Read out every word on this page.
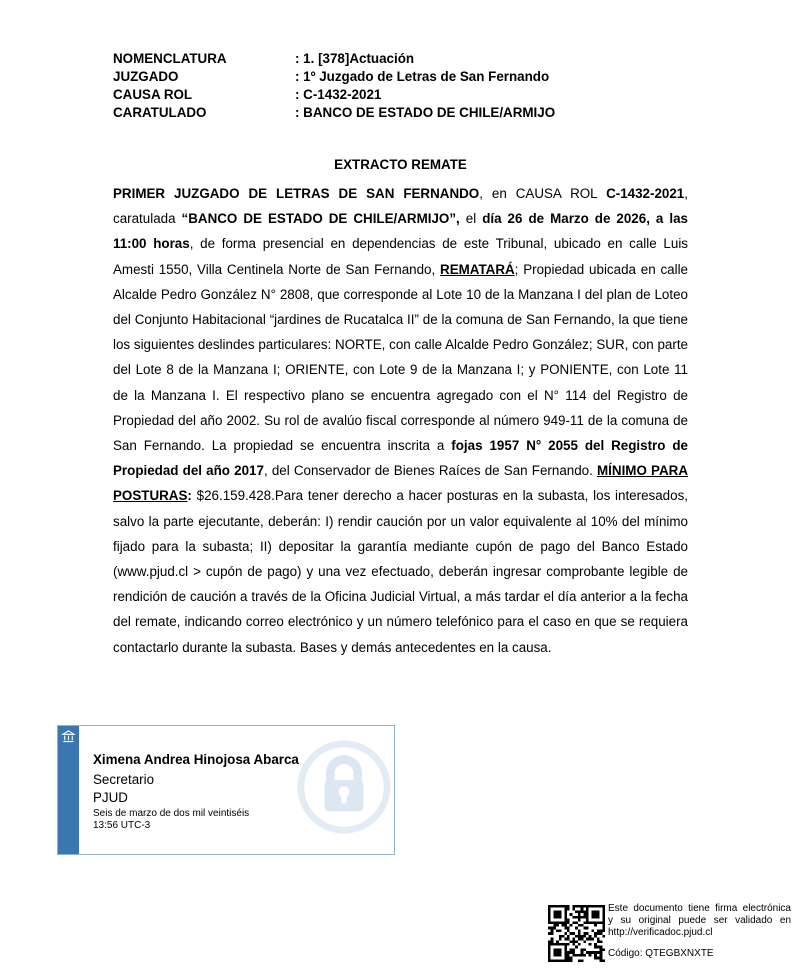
NOMENCLATURA	: 1. [378]Actuación
JUZGADO	: 1º Juzgado de Letras de San Fernando
CAUSA ROL	: C-1432-2021
CARATULADO	: BANCO DE ESTADO DE CHILE/ARMIJO
EXTRACTO REMATE
PRIMER JUZGADO DE LETRAS DE SAN FERNANDO, en CAUSA ROL C-1432-2021, caratulada “BANCO DE ESTADO DE CHILE/ARMIJO”, el día 26 de Marzo de 2026, a las 11:00 horas, de forma presencial en dependencias de este Tribunal, ubicado en calle Luis Amesti 1550, Villa Centinela Norte de San Fernando, REMATARÁ; Propiedad ubicada en calle Alcalde Pedro González N° 2808, que corresponde al Lote 10 de la Manzana I del plan de Loteo del Conjunto Habitacional “jardines de Rucatalca II” de la comuna de San Fernando, la que tiene los siguientes deslindes particulares: NORTE, con calle Alcalde Pedro González; SUR, con parte del Lote 8 de la Manzana I; ORIENTE, con Lote 9 de la Manzana I; y PONIENTE, con Lote 11 de la Manzana I. El respectivo plano se encuentra agregado con el N° 114 del Registro de Propiedad del año 2002. Su rol de avalúo fiscal corresponde al número 949-11 de la comuna de San Fernando. La propiedad se encuentra inscrita a fojas 1957 N° 2055 del Registro de Propiedad del año 2017, del Conservador de Bienes Raíces de San Fernando. MÍNIMO PARA POSTURAS: $26.159.428.Para tener derecho a hacer posturas en la subasta, los interesados, salvo la parte ejecutante, deberán: I) rendir caución por un valor equivalente al 10% del mínimo fijado para la subasta; II) depositar la garantía mediante cupón de pago del Banco Estado (www.pjud.cl > cupón de pago) y una vez efectuado, deberán ingresar comprobante legible de rendición de caución a través de la Oficina Judicial Virtual, a más tardar el día anterior a la fecha del remate, indicando correo electrónico y un número telefónico para el caso en que se requiera contactarlo durante la subasta. Bases y demás antecedentes en la causa.
Ximena Andrea Hinojosa Abarca
Secretario
PJUD
Seis de marzo de dos mil veintiséis
13:56 UTC-3
Este documento tiene firma electrónica
y su original puede ser validado en
http://verificadoc.pjud.cl
Código: QTEGBXNXTE
